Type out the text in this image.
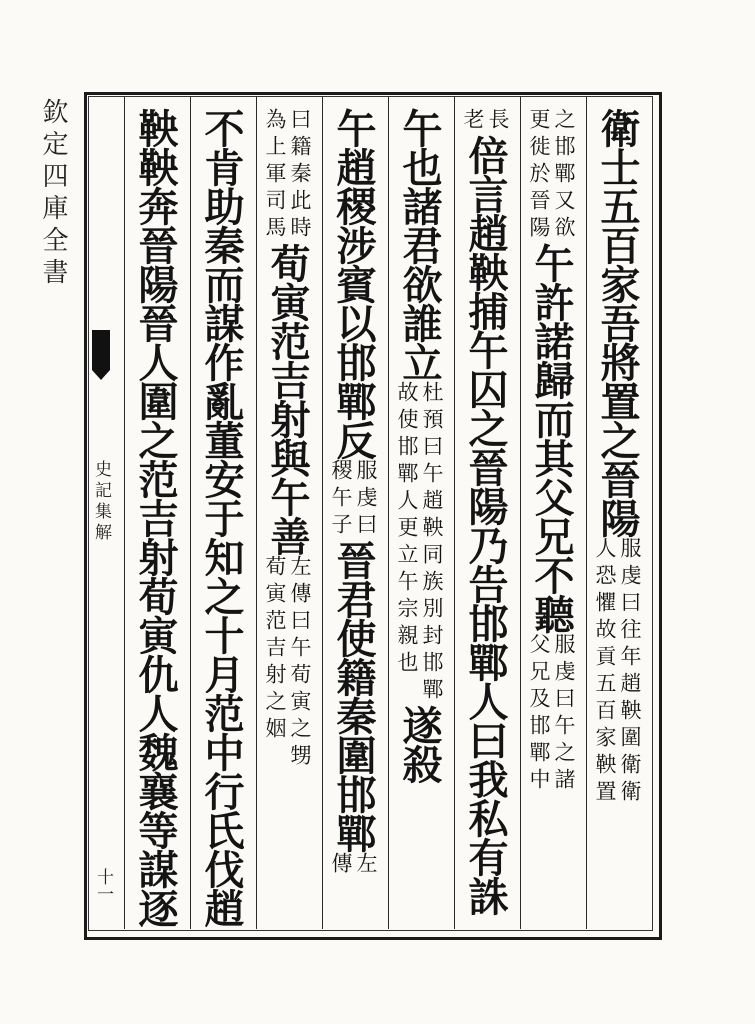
欽定四庫全書
史記集解
十一
衛士五百家吾將置之晉陽
服虔曰往年趙鞅圍衛衛
人恐懼故貢五百家鞅置
之邯鄲又欲
更徙於晉陽
午許諾歸而其父兄不聽
服虔曰午之諸
父兄及邯鄲中
長
老
倍言趙鞅捕午囚之晉陽乃告邯鄲人曰我私有誅
午也諸君欲誰立
杜預曰午趙鞅同族別封邯鄲
故使邯鄲人更立午宗親也
遂殺
午趙稷涉賓以邯鄲反
服虔曰
稷午子
晉君使籍秦圍邯鄲
左
傳
曰籍秦此時
為上軍司馬
荀寅范吉射與午善
左傳曰午荀寅之甥
荀寅范吉射之姻
不肯助秦而謀作亂董安于知之十月范中行氏伐趙
鞅鞅奔晉陽晉人圍之范吉射荀寅仇人魏襄等謀逐
